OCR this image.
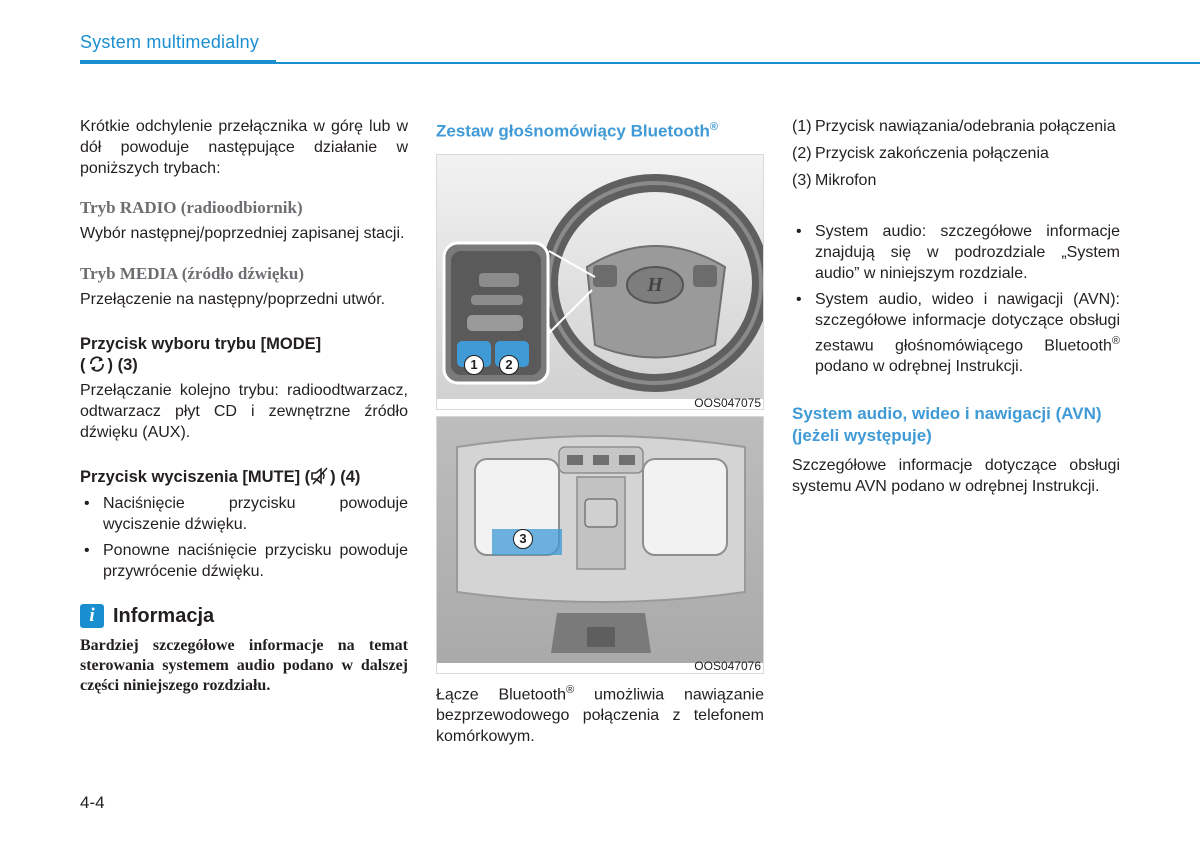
System multimedialny

Krótkie odchylenie przełącznika w górę lub w dół powoduje następujące działanie w poniższych trybach:

Tryb RADIO (radioodbiornik)

Wybór następnej/poprzedniej zapisanej stacji.

Tryb MEDIA (źródło dźwięku)

Przełączenie na następny/poprzedni utwór.

Przycisk wyboru trybu [MODE]
( ) (3)

Przełączanie kolejno trybu: radioodtwarzacz, odtwarzacz płyt CD i zewnętrzne źródło dźwięku (AUX).

Przycisk wyciszenia [MUTE] ( ) (4)
• Naciśnięcie przycisku powoduje wyciszenie dźwięku.
• Ponowne naciśnięcie przycisku powoduje przywrócenie dźwięku.
i Informacja

Bardziej szczegółowe informacje na temat sterowania systemem audio podano w dalszej części niniejszego rozdziału.

Zestaw głośnomówiący Bluetooth®
H
1	2
OOS047075
3
OOS047076

Łącze Bluetooth® umożliwia nawiązanie bezprzewodowego połączenia z telefonem komórkowym.

(1) Przycisk nawiązania/odebrania połączenia
(2) Przycisk zakończenia połączenia
(3) Mikrofon
• System audio: szczegółowe informacje znajdują się w podrozdziale „System audio” w niniejszym rozdziale.
• System audio, wideo i nawigacji (AVN): szczegółowe informacje dotyczące obsługi zestawu głośnomówiącego Bluetooth® podano w odrębnej Instrukcji.
System audio, wideo i nawigacji (AVN) (jeżeli występuje)

Szczegółowe informacje dotyczące obsługi systemu AVN podano w odrębnej Instrukcji.

4-4
